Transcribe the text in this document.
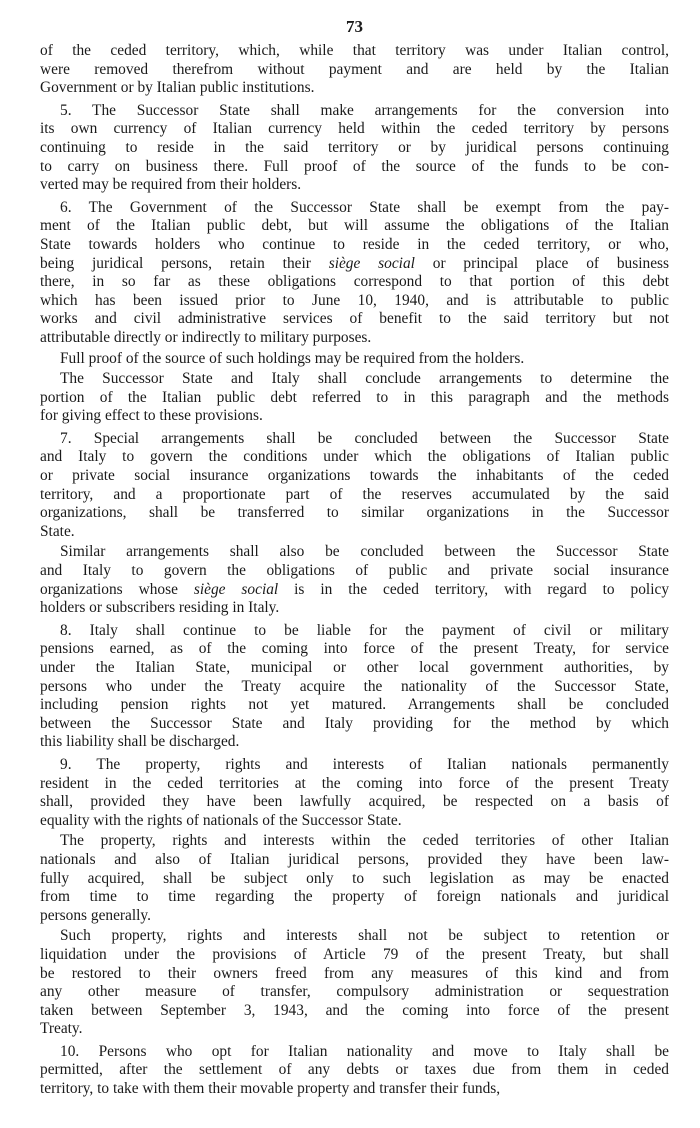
73

of the ceded territory, which, while that territory was under Italian control,
were removed therefrom without payment and are held by the Italian
Government or by Italian public institutions.

5. The Successor State shall make arrangements for the conversion into
its own currency of Italian currency held within the ceded territory by persons
continuing to reside in the said territory or by juridical persons continuing
to carry on business there. Full proof of the source of the funds to be con-
verted may be required from their holders.

6. The Government of the Successor State shall be exempt from the pay-
ment of the Italian public debt, but will assume the obligations of the Italian
State towards holders who continue to reside in the ceded territory, or who,
being juridical persons, retain their siège social or principal place of business
there, in so far as these obligations correspond to that portion of this debt
which has been issued prior to June 10, 1940, and is attributable to public
works and civil administrative services of benefit to the said territory but not
attributable directly or indirectly to military purposes.

Full proof of the source of such holdings may be required from the holders.

The Successor State and Italy shall conclude arrangements to determine the
portion of the Italian public debt referred to in this paragraph and the methods
for giving effect to these provisions.

7. Special arrangements shall be concluded between the Successor State
and Italy to govern the conditions under which the obligations of Italian public
or private social insurance organizations towards the inhabitants of the ceded
territory, and a proportionate part of the reserves accumulated by the said
organizations, shall be transferred to similar organizations in the Successor
State.

Similar arrangements shall also be concluded between the Successor State
and Italy to govern the obligations of public and private social insurance
organizations whose siège social is in the ceded territory, with regard to policy
holders or subscribers residing in Italy.

8. Italy shall continue to be liable for the payment of civil or military
pensions earned, as of the coming into force of the present Treaty, for service
under the Italian State, municipal or other local government authorities, by
persons who under the Treaty acquire the nationality of the Successor State,
including pension rights not yet matured. Arrangements shall be concluded
between the Successor State and Italy providing for the method by which
this liability shall be discharged.

9. The property, rights and interests of Italian nationals permanently
resident in the ceded territories at the coming into force of the present Treaty
shall, provided they have been lawfully acquired, be respected on a basis of
equality with the rights of nationals of the Successor State.

The property, rights and interests within the ceded territories of other Italian
nationals and also of Italian juridical persons, provided they have been law-
fully acquired, shall be subject only to such legislation as may be enacted
from time to time regarding the property of foreign nationals and juridical
persons generally.

Such property, rights and interests shall not be subject to retention or
liquidation under the provisions of Article 79 of the present Treaty, but shall
be restored to their owners freed from any measures of this kind and from
any other measure of transfer, compulsory administration or sequestration
taken between September 3, 1943, and the coming into force of the present
Treaty.

10. Persons who opt for Italian nationality and move to Italy shall be
permitted, after the settlement of any debts or taxes due from them in ceded
territory, to take with them their movable property and transfer their funds,
